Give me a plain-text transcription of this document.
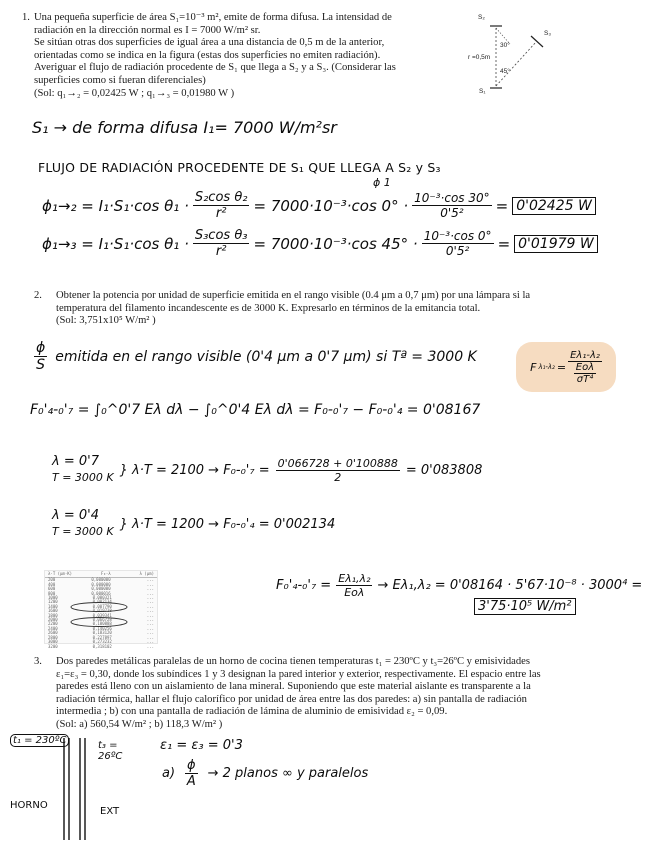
1. Una pequeña superficie de área S₁=10⁻³ m², emite de forma difusa. La intensidad de
radiación en la dirección normal es I = 7000 W/m² sr.
Se sitúan otras dos superficies de igual área a una distancia de 0,5 m de la anterior,
orientadas como se indica en la figura (estas dos superficies no emiten radiación).
Averiguar el flujo de radiación procedente de S₁ que llega a S₂ y a S₃. (Considerar las
superficies como si fueran diferenciales)
(Sol: q₁→₂ = 0,02425 W ; q₁→₃ = 0,01980 W )
S₂
S₃
S₁
30°
45°
r =0,5m
S₁ → de forma difusa I₁= 7000 W/m²sr
FLUJO DE RADIACIÓN PROCEDENTE DE S₁ QUE LLEGA A S₂ y S₃
ϕ₁→₂ = I₁·S₁·cos $\theta_1 \cdot \frac{\text{S₂cos θ₂}}{\text{r²}} = 7000\cdot 10^{-3}\cdot\cos$ $0^\circ \cdot \frac{\text{10⁻³·cos 30°}}{\text{0'5²}} = 0'02425$ W
ϕ 1
ϕ₁→₃ = I₁·S₁·cos $\theta_1 \cdot \frac{\text{S₃cos θ₃}}{\text{r²}} = 7000\cdot 10^{-3}\cdot\cos$ $45^\circ \cdot \frac{\text{10⁻³·cos 0°}}{\text{0'5²}} = 0'01979$ W
2. Obtener la potencia por unidad de superficie emitida en el rango visible (0.4 μm a 0,7 μm) por una lámpara si la
temperatura del filamento incandescente es de 3000 K. Expresarlo en términos de la emitancia total.
(Sol: 3,751x10⁵ W/m² )
$\frac{\phi}{S}$ emitida en el rango visible (0'4 μm a 0'7 μm) si Tª = 3000 K
F λ₁-λ₂ =
Eλ₁-λ₂
Eoλ
σT⁴
F₀'₄-₀'₇ = ∫₀^0'7 Eλ dλ − ∫₀^0'4 Eλ dλ = F₀-₀'₇ − F₀-₀'₄ = 0'08167
λ = 0'7
T = 3000 K } $\lambda\cdot T = 2100 \to F_0-_0'_7 = \frac{0'066728 + 0'100888}{2} = 0'083808$
λ = 0'4
T = 3000 K } λ·T = 1200 → F₀-₀'₄ = 0'002134
λ·T (μm·K)	F₀-λ	λ (μm)
200	0,000000	...
400	0,000000	...
600	0,000000	...
800	0,000016	...
1000	0,000321	...
1200	0,002134	...
1400	0,007790	...
1600	0,019718	...
1800	0,039341	...
2000	0,066728	...
2200	0,100888	...
2400	0,140256	...
2600	0,183120	...
2800	0,227897	...
3000	0,273232	...
3200	0,318102	...
$F_0'_4-_0'_7 = \frac{\text{Eλ₁,λ₂}}{\text{Eoλ}} \to E\lambda_1,\lambda_2 = 0'08164 \cdot 5'67\cdot 10^{-8} \cdot 3000^4$ =
3'75·10⁵ W/m²
3. Dos paredes metálicas paralelas de un horno de cocina tienen temperaturas t₁ = 230ºC y t₃=26ºC y emisividades
ε₁=ε₃ = 0,30, donde los subíndices 1 y 3 designan la pared interior y exterior, respectivamente. El espacio entre las
paredes está lleno con un aislamiento de lana mineral. Suponiendo que este material aislante es transparente a la
radiación térmica, hallar el flujo calorífico por unidad de área entre las dos paredes: a) sin pantalla de radiación
intermedia ; b) con una pantalla de radiación de lámina de aluminio de emisividad ε₂ = 0,09.
(Sol: a) 560,54 W/m² ; b) 118,3 W/m² )
t₁ = 230ºC
HORNO
t₃ = 26ºC
EXT
ε₁ = ε₃ = 0'3
$a) \frac{\phi}{A} \to 2$ planos ∞ y paralelos
